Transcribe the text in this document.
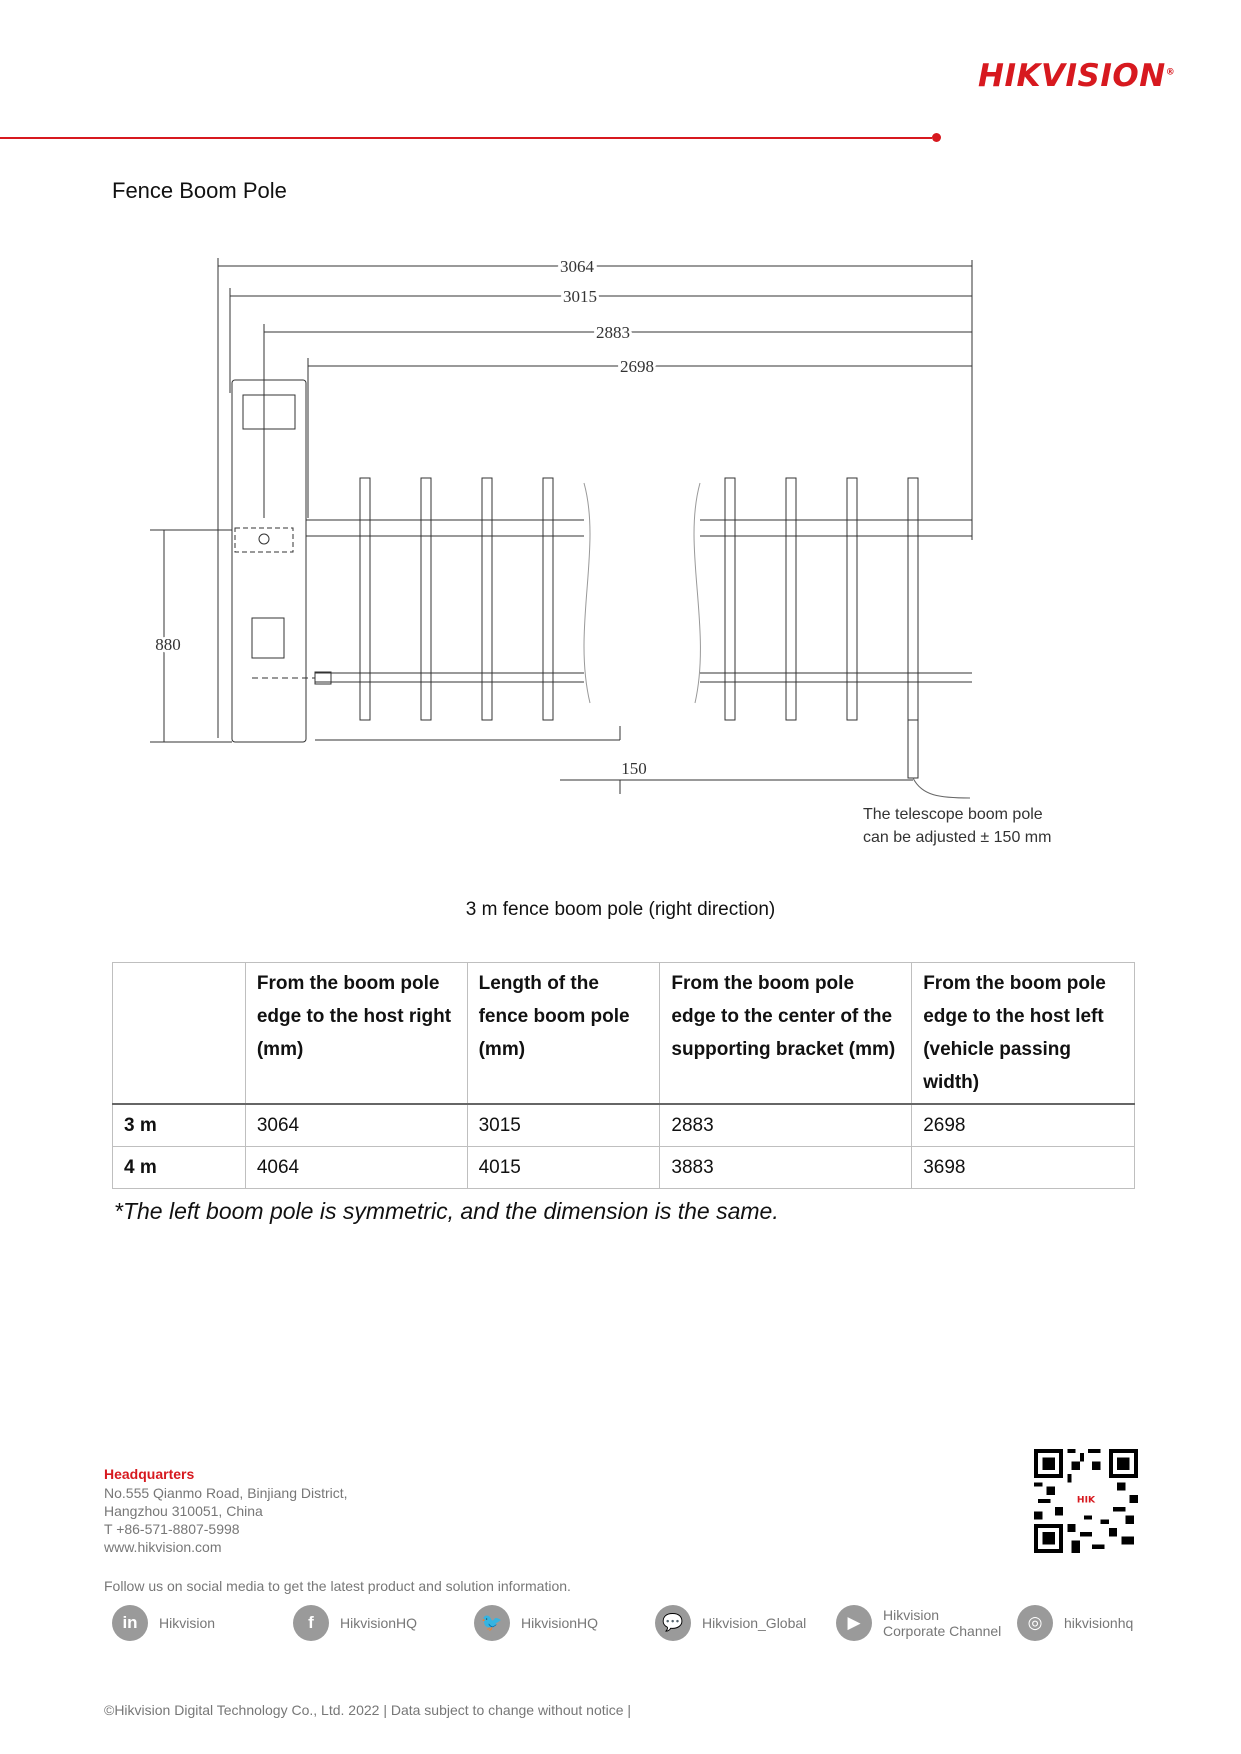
HIKVISION®
Fence Boom Pole
3064
3015
2883
2698
880
150
The telescope boom pole
can be adjusted ± 150 mm
3 m fence boom pole (right direction)
	From the boom pole edge to the host right (mm)	Length of the fence boom pole (mm)	From the boom pole edge to the center of the supporting bracket (mm)	From the boom pole edge to the host left (vehicle passing width)
3 m	3064	3015	2883	2698
4 m	4064	4015	3883	3698
*The left boom pole is symmetric, and the dimension is the same.
Headquarters
No.555 Qianmo Road, Binjiang District,
Hangzhou 310051, China
T +86-571-8807-5998
www.hikvision.com
Follow us on social media to get the latest product and solution information.
in	Hikvision	f	HikvisionHQ	🐦	HikvisionHQ	💬	Hikvision_Global	▶	Hikvision Corporate Channel	◎	hikvisionhq
HIK
©Hikvision Digital Technology Co., Ltd. 2022 | Data subject to change without notice |
